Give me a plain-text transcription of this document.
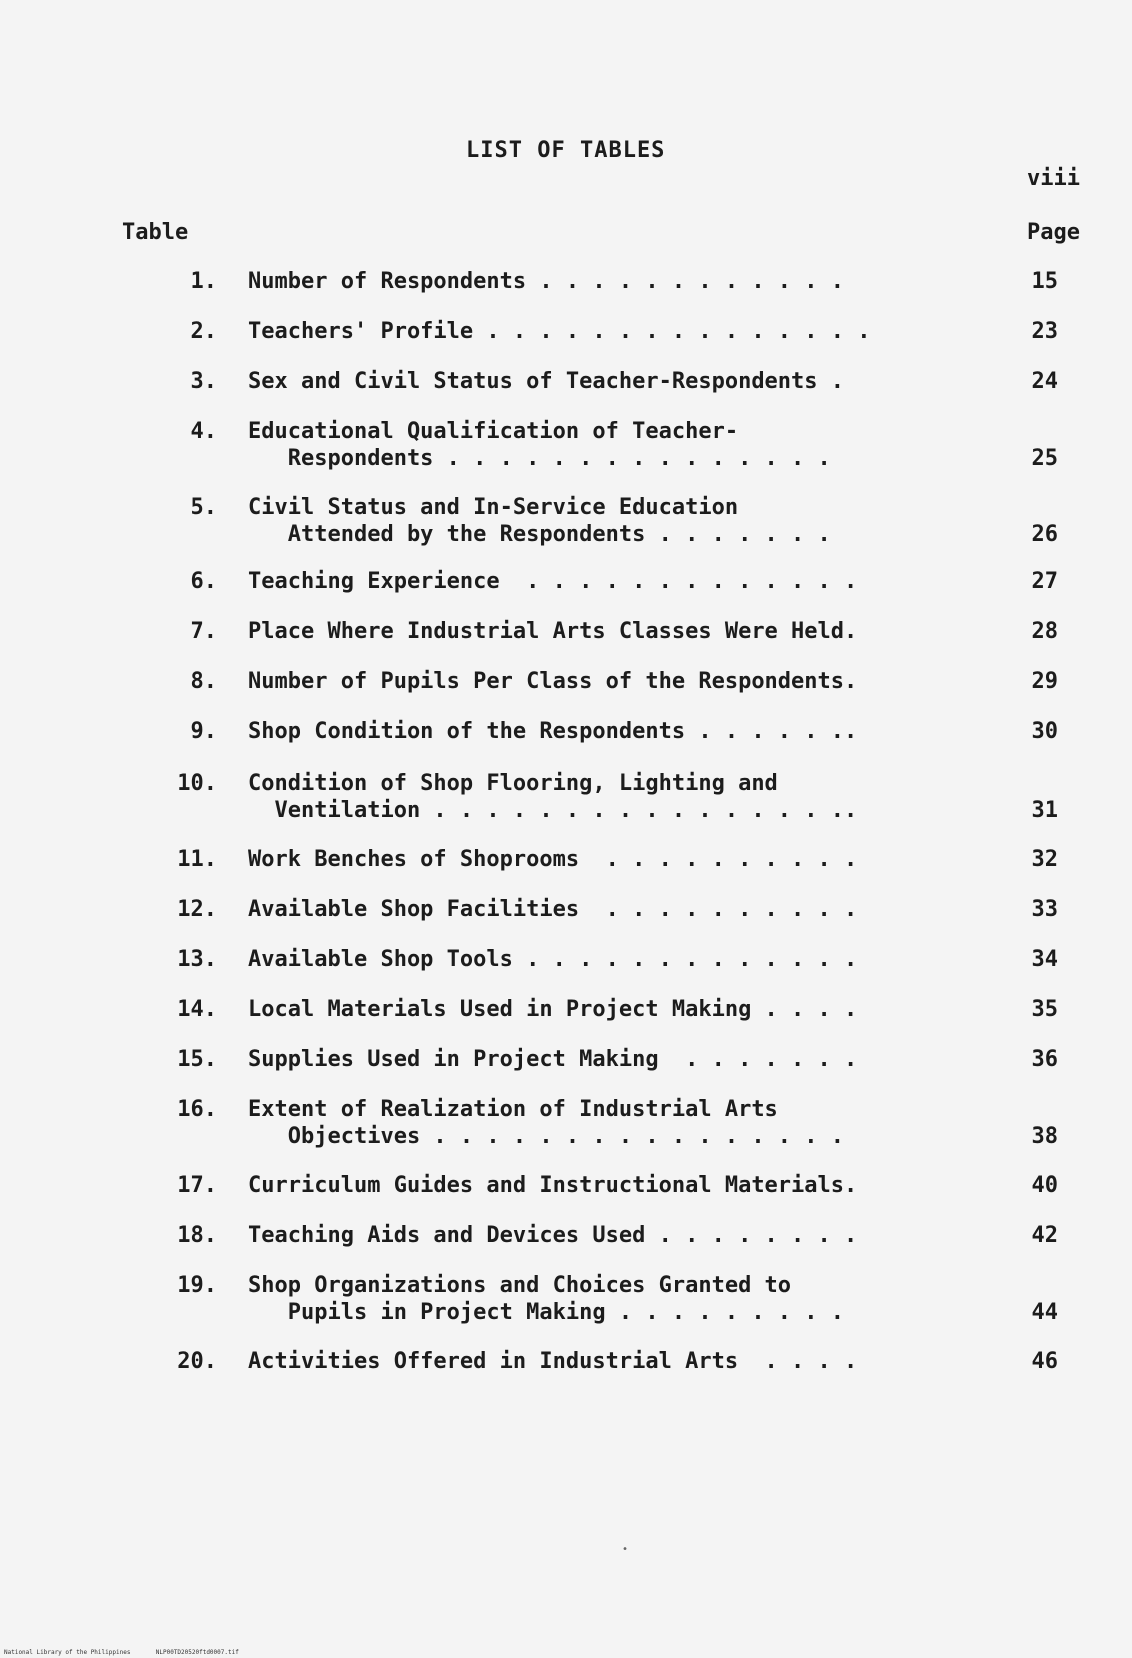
LIST OF TABLES
viii
Table	Page
1. Number of Respondents . . . . . . . . . . . .	15
2. Teachers' Profile . . . . . . . . . . . . . . .	23
3. Sex and Civil Status of Teacher-Respondents .	24
4. Educational Qualification of Teacher-
Respondents . . . . . . . . . . . . . . .	25
5. Civil Status and In-Service Education
Attended by the Respondents . . . . . . .	26
6. Teaching Experience  . . . . . . . . . . . . .	27
7. Place Where Industrial Arts Classes Were Held.	28
8. Number of Pupils Per Class of the Respondents.	29
9. Shop Condition of the Respondents . . . . . ..	30
10. Condition of Shop Flooring, Lighting and
Ventilation . . . . . . . . . . . . . . . ..	31
11. Work Benches of Shoprooms  . . . . . . . . . .	32
12. Available Shop Facilities  . . . . . . . . . .	33
13. Available Shop Tools . . . . . . . . . . . . .	34
14. Local Materials Used in Project Making . . . .	35
15. Supplies Used in Project Making  . . . . . . .	36
16. Extent of Realization of Industrial Arts
Objectives . . . . . . . . . . . . . . . .	38
17. Curriculum Guides and Instructional Materials.	40
18. Teaching Aids and Devices Used . . . . . . . .	42
19. Shop Organizations and Choices Granted to
Pupils in Project Making . . . . . . . . .	44
20. Activities Offered in Industrial Arts  . . . .	46
•
National Library of the Philippines	NLP00TD20520ftd0007.tif
